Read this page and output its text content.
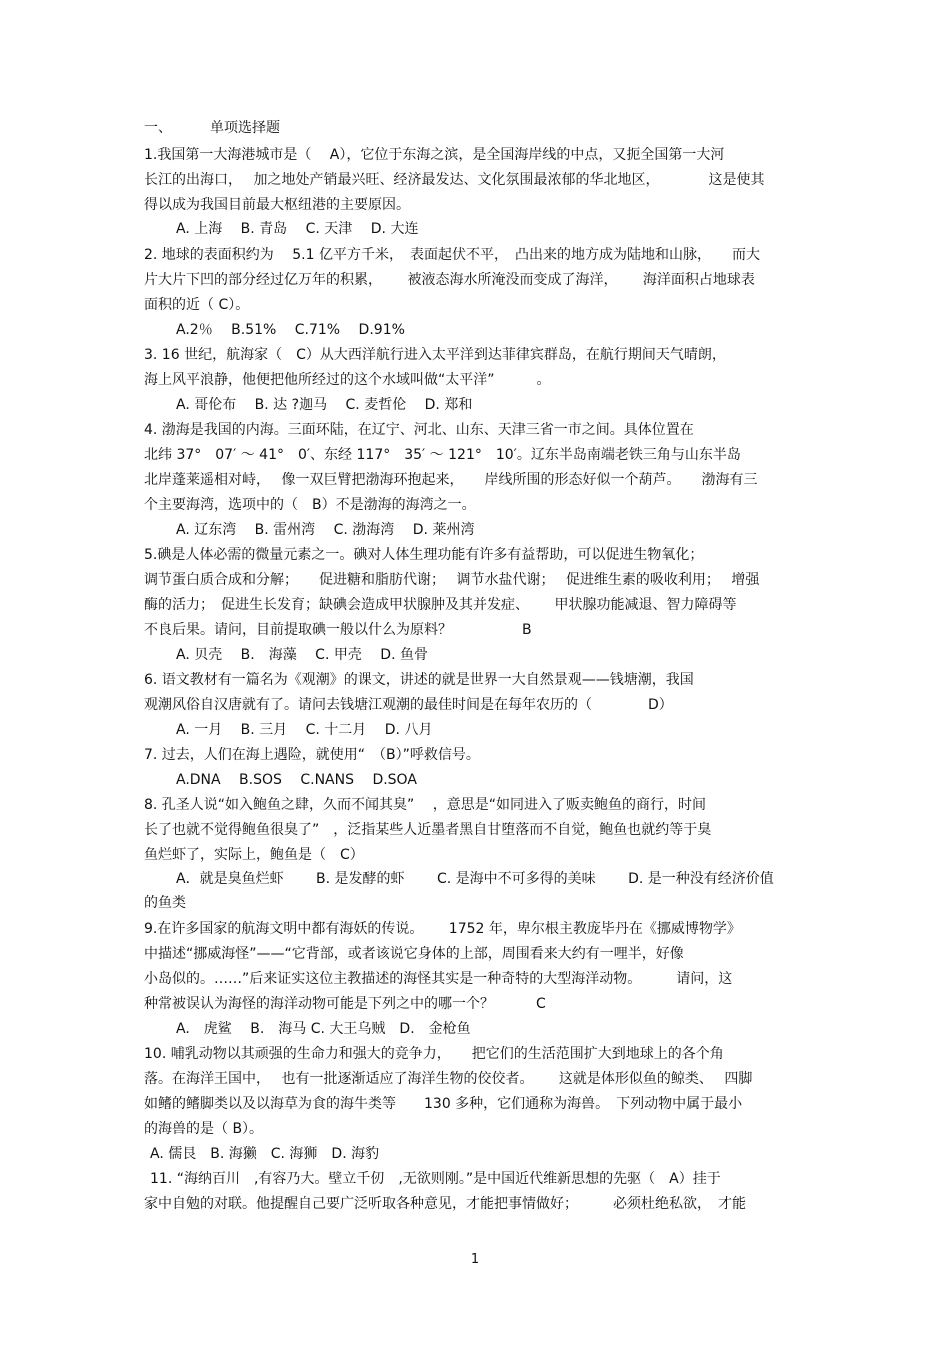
一、	单项选择题
1.我国第一大海港城市是（　 A），它位于东海之滨，是全国海岸线的中点，又扼全国第一大河
长江的出海口，　 加之地处产销最兴旺、经济最发达、文化氛围最浓郁的华北地区，　　　　这是使其
得以成为我国目前最大枢纽港的主要原因。
A. 上海　 B. 青岛　 C. 天津　 D. 大连
2. 地球的表面积约为　 5.1 亿平方千米，　表面起伏不平，　凸出来的地方成为陆地和山脉，　　而大
片大片下凹的部分经过亿万年的积累，　　 被液态海水所淹没而变成了海洋，　　 海洋面积占地球表
面积的近（ C）。
A.2％　 B.51%　 C.71%　 D.91%
3. 16 世纪，航海家（　C）从大西洋航行进入太平洋到达菲律宾群岛，在航行期间天气晴朗，
海上风平浪静，他便把他所经过的这个水域叫做“太平洋”　　　。
A. 哥伦布　 B. 达 ?迦马　 C. 麦哲伦　 D. 郑和
4. 渤海是我国的内海。三面环陆，在辽宁、河北、山东、天津三省一市之间。具体位置在
北纬 37°　07′ ～ 41°　0′、东经 117°　35′ ～ 121°　10′。辽东半岛南端老铁三角与山东半岛
北岸蓬莱遥相对峙，　 像一双巨臂把渤海环抱起来，　　岸线所围的形态好似一个葫芦。　　渤海有三
个主要海湾，选项中的（　B）不是渤海的海湾之一。
A. 辽东湾　 B. 雷州湾　 C. 渤海湾　 D. 莱州湾
5.碘是人体必需的微量元素之一。碘对人体生理功能有许多有益帮助，可以促进生物氧化；
调节蛋白质合成和分解；　　促进糖和脂肪代谢；　 调节水盐代谢；　 促进维生素的吸收利用；　 增强
酶的活力；　促进生长发育；缺碘会造成甲状腺肿及其并发症、　　 甲状腺功能减退、智力障碍等
不良后果。请问，目前提取碘一般以什么为原料？　　　　　B
A. 贝壳　 B.　海藻　 C. 甲壳　 D. 鱼骨
6. 语文教材有一篇名为《观潮》的课文，讲述的就是世界一大自然景观——钱塘潮，我国
观潮风俗自汉唐就有了。请问去钱塘江观潮的最佳时间是在每年农历的（　　　　D）
A. 一月　 B. 三月　 C. 十二月　 D. 八月
7. 过去，人们在海上遇险，就使用“　（B）”呼救信号。
A.DNA　 B.SOS　 C.NANS　 D.SOA
8. 孔圣人说“如入鲍鱼之肆，久而不闻其臭”　 ，意思是“如同进入了贩卖鲍鱼的商行，时间
长了也就不觉得鲍鱼很臭了”　，泛指某些人近墨者黑自甘堕落而不自觉，鲍鱼也就约等于臭
鱼烂虾了，实际上，鲍鱼是（　C）
A．就是臭鱼烂虾　　 B. 是发酵的虾　　 C. 是海中不可多得的美味　　 D. 是一种没有经济价值
的鱼类
9.在许多国家的航海文明中都有海妖的传说。　　 1752 年，卑尔根主教庞毕丹在《挪威博物学》
中描述“挪威海怪”——“它背部，或者该说它身体的上部，周围看来大约有一哩半，好像
小岛似的。……”后来证实这位主教描述的海怪其实是一种奇特的大型海洋动物。　　　请问，这
种常被误认为海怪的海洋动物可能是下列之中的哪一个？　　　C
A.　虎鲨　 B.　海马 C. 大王乌贼　D.　金枪鱼
10. 哺乳动物以其顽强的生命力和强大的竞争力，　　把它们的生活范围扩大到地球上的各个角
落。在海洋王国中，　 也有一批逐渐适应了海洋生物的佼佼者。　　 这就是体形似鱼的鲸类、　 四脚
如鳍的鳍脚类以及以海草为食的海牛类等　　130 多种，它们通称为海兽。　下列动物中属于最小
的海兽的是（ B）。
A. 儒艮　B. 海獭　C. 海狮　D. 海豹
11. “海纳百川　,有容乃大。壁立千仞　,无欲则刚。”是中国近代维新思想的先驱（　A）挂于
家中自勉的对联。他提醒自己要广泛听取各种意见，才能把事情做好；　　　必须杜绝私欲，　才能
1
